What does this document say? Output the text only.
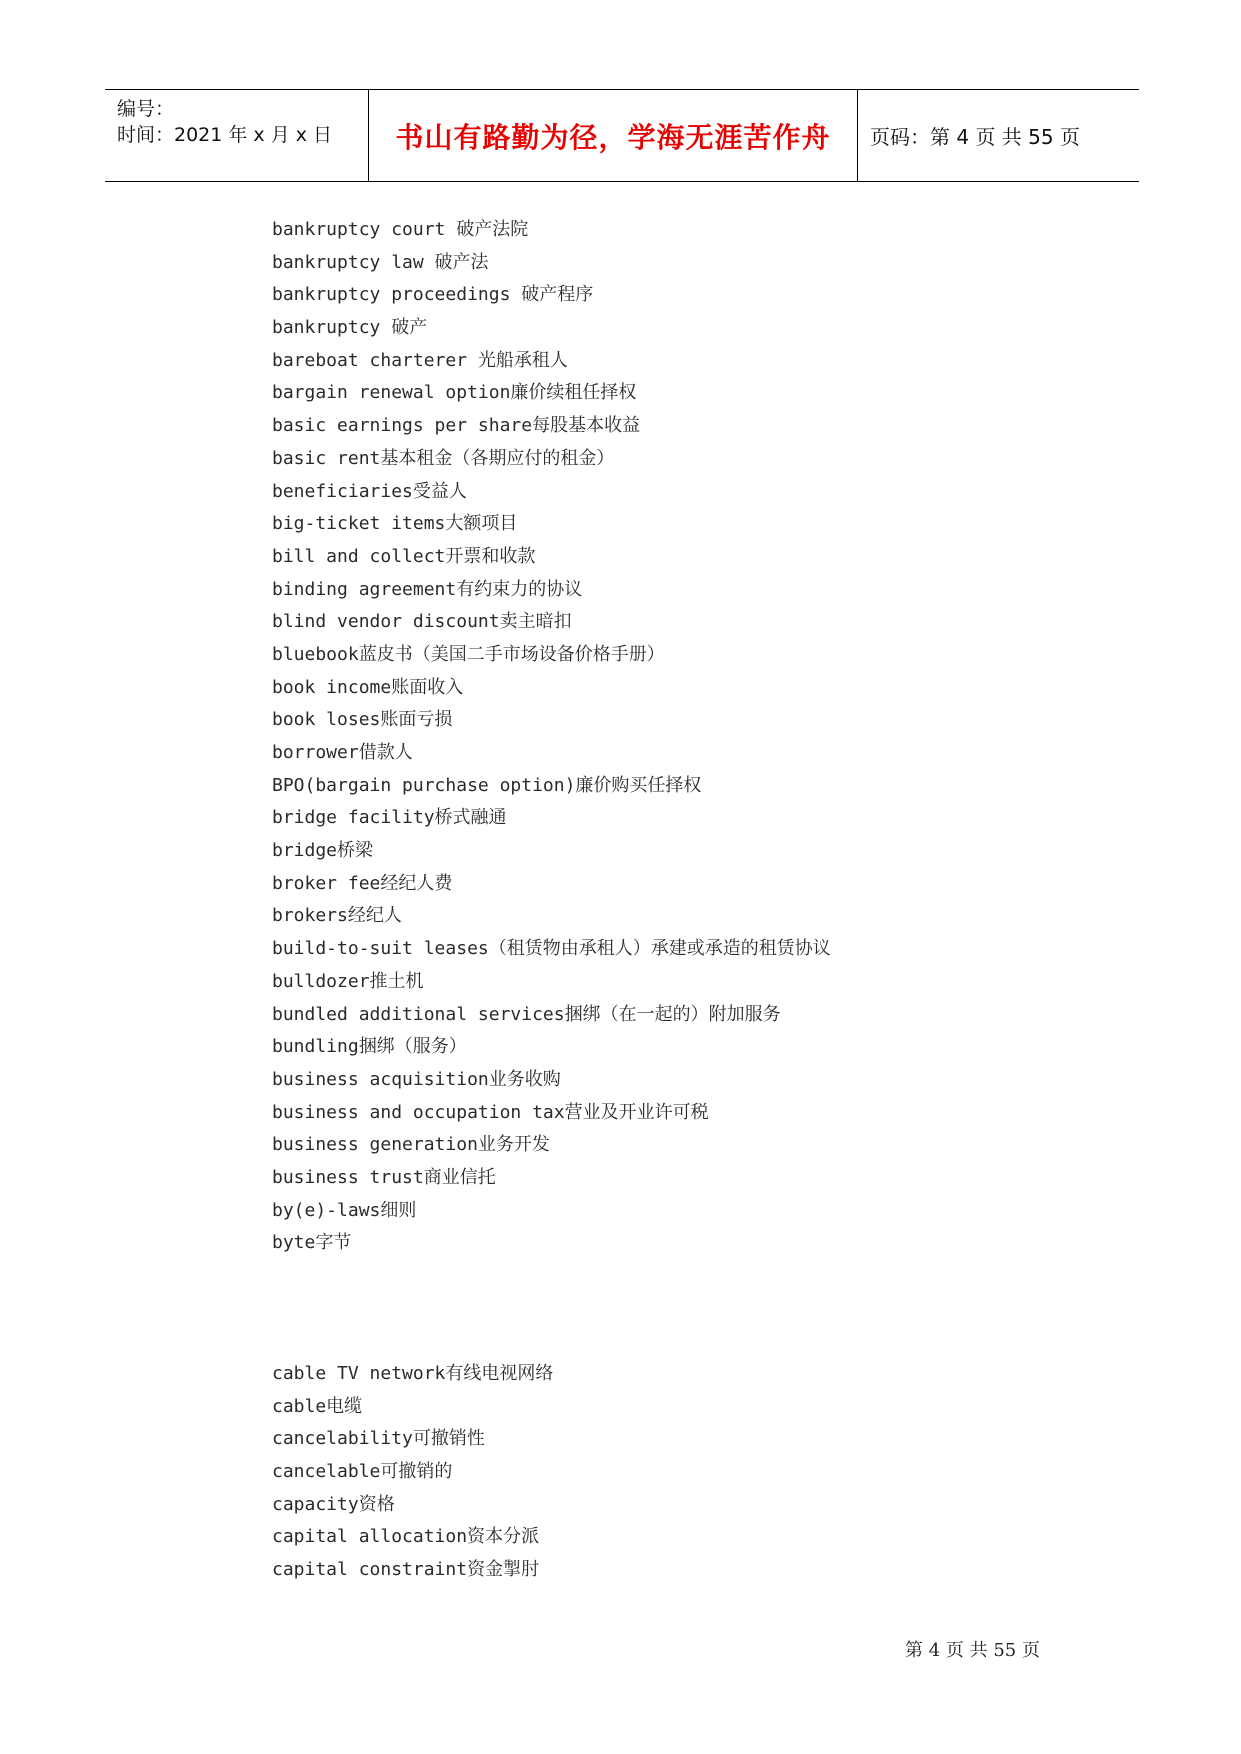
编号：
时间：2021 年 x 月 x 日 书山有路勤为径，学海无涯苦作舟 页码：第 4 页 共 55 页
bankruptcy court 破产法院
bankruptcy law 破产法
bankruptcy proceedings 破产程序
bankruptcy 破产
bareboat charterer 光船承租人
bargain renewal option廉价续租任择权
basic earnings per share每股基本收益
basic rent基本租金（各期应付的租金）
beneficiaries受益人
big-ticket items大额项目
bill and collect开票和收款
binding agreement有约束力的协议
blind vendor discount卖主暗扣
bluebook蓝皮书（美国二手市场设备价格手册）
book income账面收入
book loses账面亏损
borrower借款人
BPO(bargain purchase option)廉价购买任择权
bridge facility桥式融通
bridge桥梁
broker fee经纪人费
brokers经纪人
build-to-suit leases（租赁物由承租人）承建或承造的租赁协议
bulldozer推土机
bundled additional services捆绑（在一起的）附加服务
bundling捆绑（服务）
business acquisition业务收购
business and occupation tax营业及开业许可税
business generation业务开发
business trust商业信托
by(e)-laws细则
byte字节
cable TV network有线电视网络
cable电缆
cancelability可撤销性
cancelable可撤销的
capacity资格
capital allocation资本分派
capital constraint资金掣肘
第 4 页 共 55 页
